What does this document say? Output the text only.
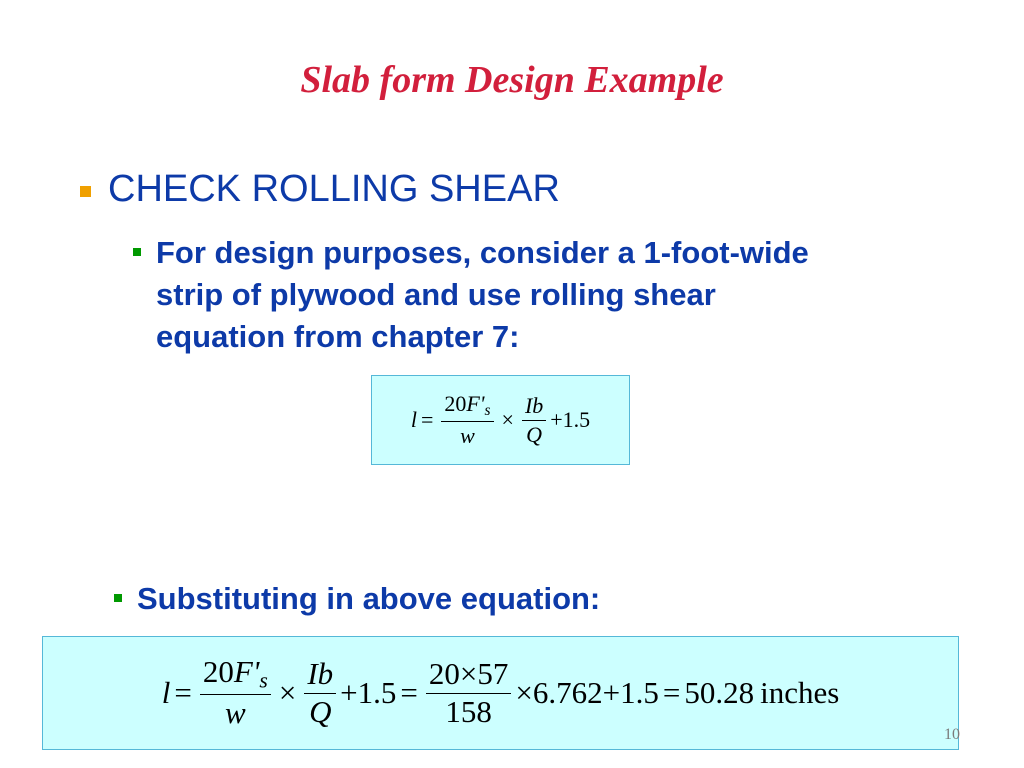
Slab form Design Example
CHECK ROLLING SHEAR
For design purposes, consider a 1-foot-wide
strip of plywood and use rolling shear
equation from chapter 7:
$l = \frac{20F'_s}{w} \times \frac{Ib}{Q} +1.5$
Substituting in above equation:
$l = \frac{20F'_s}{w} \times \frac{Ib}{Q} +1.5 = \frac{20\times 57}{158} \times 6.762+1.5 = 50.28$ inches
10
